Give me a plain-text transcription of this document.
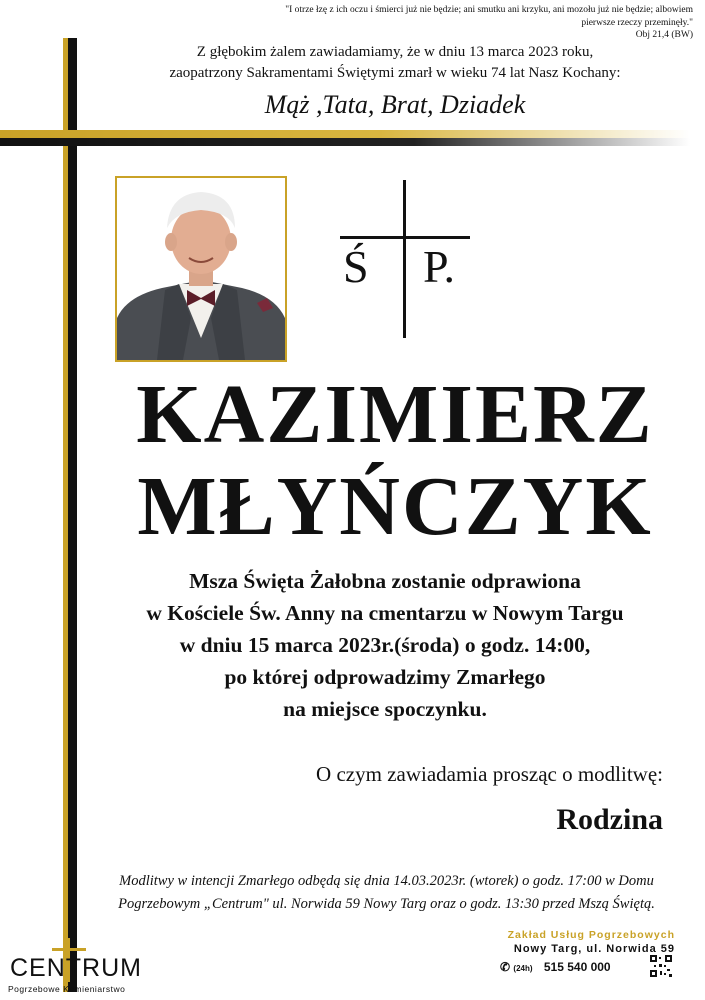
"I otrze łzę z ich oczu i śmierci już nie będzie; ani smutku ani krzyku, ani mozołu już nie będzie; albowiem pierwsze rzeczy przeminęły."
Obj 21,4 (BW)
Z głębokim żalem zawiadamiamy, że w dniu 13 marca 2023 roku,
zaopatrzony Sakramentami Świętymi zmarł w wieku 74 lat Nasz Kochany:
Mąż ,Tata, Brat, Dziadek
Ś P.
KAZIMIERZ
MŁYŃCZYK
Msza Święta Żałobna zostanie odprawiona
w Kościele Św. Anny na cmentarzu w Nowym Targu
w dniu 15 marca 2023r.(środa) o godz. 14:00,
po której odprowadzimy Zmarłego
na miejsce spoczynku.
O czym zawiadamia prosząc o modlitwę:
Rodzina
Modlitwy w intencji Zmarłego odbędą się dnia 14.03.2023r. (wtorek) o godz. 17:00 w Domu
Pogrzebowym „Centrum" ul. Norwida 59 Nowy Targ oraz o godz. 13:30 przed Mszą Świętą.
CENTRUM
Pogrzebowe Kamieniarstwo
Zakład Usług Pogrzebowych
Nowy Targ, ul. Norwida 59
✆ (24h) 515 540 000
